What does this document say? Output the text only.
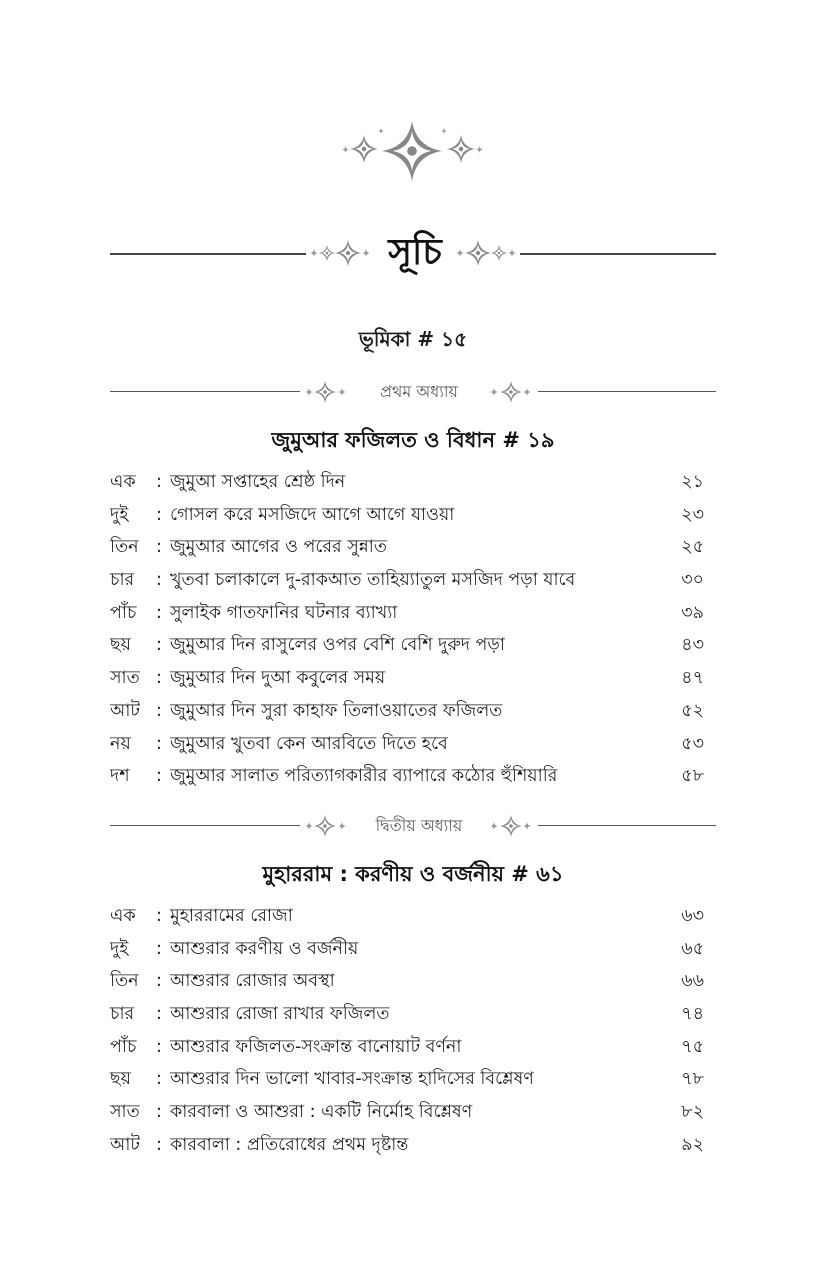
সূচি
ভূমিকা # ১৫
প্রথম অধ্যায়
জুমুআর ফজিলত ও বিধান # ১৯
এক : জুমুআ সপ্তাহের শ্রেষ্ঠ দিন	২১
দুই : গোসল করে মসজিদে আগে আগে যাওয়া	২৩
তিন : জুমুআর আগের ও পরের সুন্নাত	২৫
চার : খুতবা চলাকালে দু-রাকআত তাহিয়্যাতুল মসজিদ পড়া যাবে	৩০
পাঁচ : সুলাইক গাতফানির ঘটনার ব্যাখ্যা	৩৯
ছয় : জুমুআর দিন রাসুলের ওপর বেশি বেশি দুরুদ পড়া	৪৩
সাত : জুমুআর দিন দুআ কবুলের সময়	৪৭
আট : জুমুআর দিন সুরা কাহাফ তিলাওয়াতের ফজিলত	৫২
নয় : জুমুআর খুতবা কেন আরবিতে দিতে হবে	৫৩
দশ : জুমুআর সালাত পরিত্যাগকারীর ব্যাপারে কঠোর হুঁশিয়ারি	৫৮
দ্বিতীয় অধ্যায়
মুহাররাম : করণীয় ও বর্জনীয় # ৬১
এক : মুহাররামের রোজা	৬৩
দুই : আশুরার করণীয় ও বর্জনীয়	৬৫
তিন : আশুরার রোজার অবস্থা	৬৬
চার : আশুরার রোজা রাখার ফজিলত	৭৪
পাঁচ : আশুরার ফজিলত-সংক্রান্ত বানোয়াট বর্ণনা	৭৫
ছয় : আশুরার দিন ভালো খাবার-সংক্রান্ত হাদিসের বিশ্লেষণ	৭৮
সাত : কারবালা ও আশুরা : একটি নির্মোহ বিশ্লেষণ	৮২
আট : কারবালা : প্রতিরোধের প্রথম দৃষ্টান্ত	৯২
